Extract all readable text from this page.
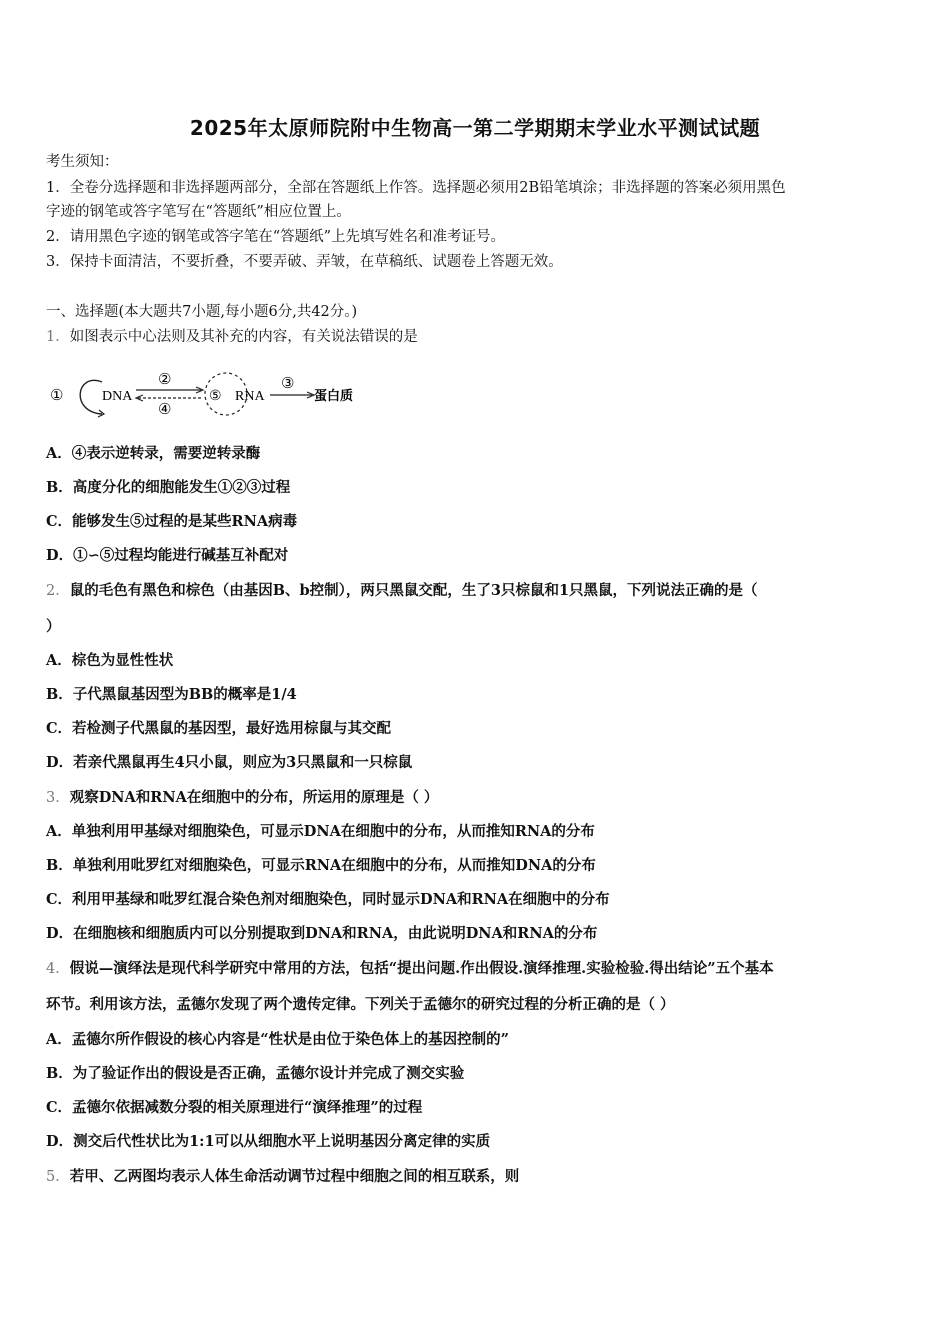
2025年太原师院附中生物高一第二学期期末学业水平测试试题
考生须知：
1．全卷分选择题和非选择题两部分，全部在答题纸上作答。选择题必须用2B铅笔填涂；非选择题的答案必须用黑色
字迹的钢笔或答字笔写在“答题纸”相应位置上。
2．请用黑色字迹的钢笔或答字笔在“答题纸”上先填写姓名和准考证号。
3．保持卡面清洁，不要折叠，不要弄破、弄皱，在草稿纸、试题卷上答题无效。
一、选择题(本大题共7小题,每小题6分,共42分。)
1．如图表示中心法则及其补充的内容，有关说法错误的是
①	DNA
②
④
⑤ RNA
③
蛋白质
A．④表示逆转录，需要逆转录酶
B．高度分化的细胞能发生①②③过程
C．能够发生⑤过程的是某些RNA病毒
D．①∽⑤过程均能进行碱基互补配对
2．鼠的毛色有黑色和棕色（由基因B、b控制），两只黑鼠交配，生了3只棕鼠和1只黑鼠，下列说法正确的是（
）
A．棕色为显性性状
B．子代黑鼠基因型为BB的概率是1/4
C．若检测子代黑鼠的基因型，最好选用棕鼠与其交配
D．若亲代黑鼠再生4只小鼠，则应为3只黑鼠和一只棕鼠
3．观察DNA和RNA在细胞中的分布，所运用的原理是（ ）
A．单独利用甲基绿对细胞染色，可显示DNA在细胞中的分布，从而推知RNA的分布
B．单独利用吡罗红对细胞染色，可显示RNA在细胞中的分布，从而推知DNA的分布
C．利用甲基绿和吡罗红混合染色剂对细胞染色，同时显示DNA和RNA在细胞中的分布
D．在细胞核和细胞质内可以分别提取到DNA和RNA，由此说明DNA和RNA的分布
4．假说—演绎法是现代科学研究中常用的方法，包括“提出问题.作出假设.演绎推理.实验检验.得出结论”五个基本
环节。利用该方法，孟德尔发现了两个遗传定律。下列关于孟德尔的研究过程的分析正确的是（ ）
A．孟德尔所作假设的核心内容是“性状是由位于染色体上的基因控制的”
B．为了验证作出的假设是否正确，孟德尔设计并完成了测交实验
C．孟德尔依据减数分裂的相关原理进行“演绎推理”的过程
D．测交后代性状比为1:1可以从细胞水平上说明基因分离定律的实质
5．若甲、乙两图均表示人体生命活动调节过程中细胞之间的相互联系，则
